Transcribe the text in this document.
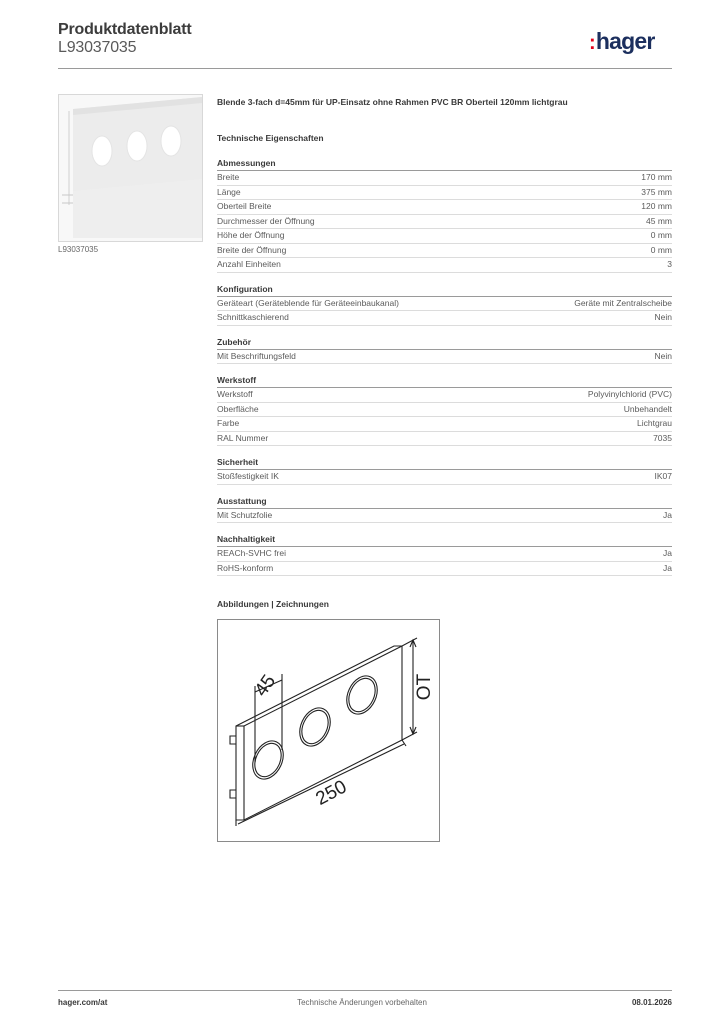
Produktdatenblatt
L93037035	:hager
L93037035
Blende 3-fach d=45mm für UP-Einsatz ohne Rahmen PVC BR Oberteil 120mm lichtgrau
Technische Eigenschaften
Abmessungen
Breite	170 mm
Länge	375 mm
Oberteil Breite	120 mm
Durchmesser der Öffnung	45 mm
Höhe der Öffnung	0 mm
Breite der Öffnung	0 mm
Anzahl Einheiten	3
Konfiguration
Geräteart (Geräteblende für Geräteeinbaukanal)	Geräte mit Zentralscheibe
Schnittkaschierend	Nein
Zubehör
Mit Beschriftungsfeld	Nein
Werkstoff
Werkstoff	Polyvinylchlorid (PVC)
Oberfläche	Unbehandelt
Farbe	Lichtgrau
RAL Nummer	7035
Sicherheit
Stoßfestigkeit IK	IK07
Ausstattung
Mit Schutzfolie	Ja
Nachhaltigkeit
REACh-SVHC frei	Ja
RoHS-konform	Ja
Abbildungen | Zeichnungen
45	OT
250
hager.com/at	Technische Änderungen vorbehalten	08.01.2026
